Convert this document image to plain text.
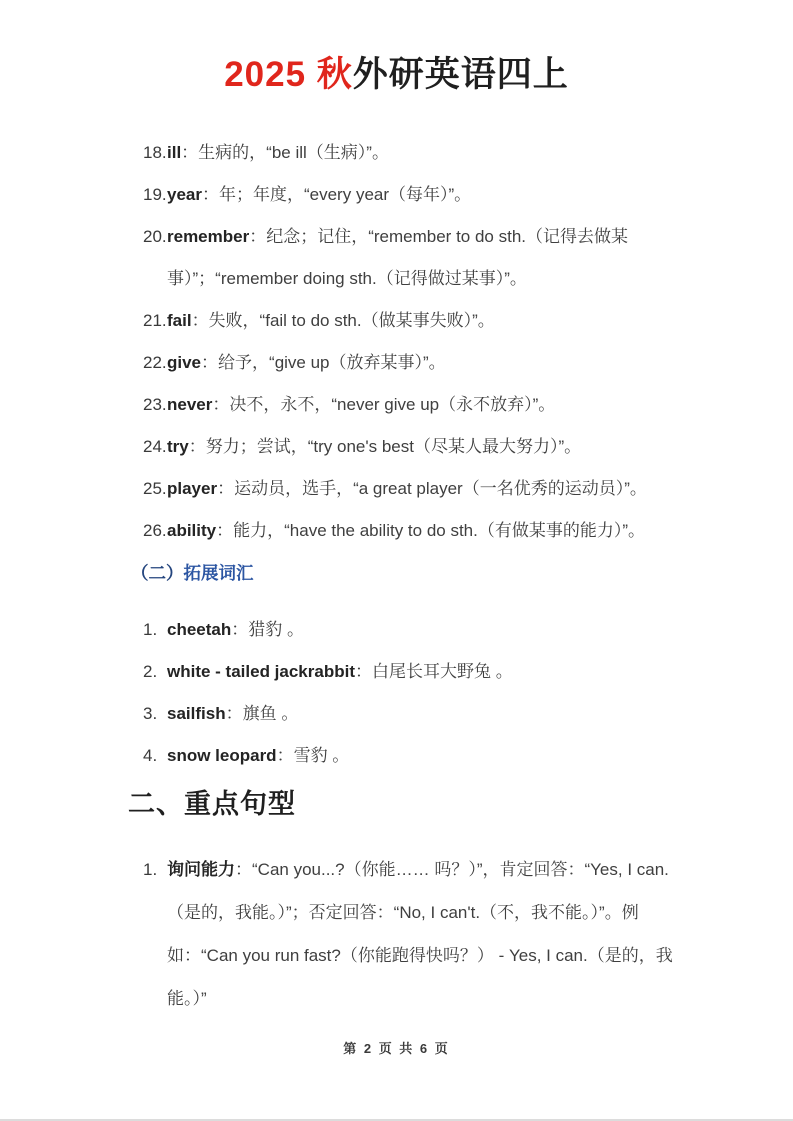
2025 秋外研英语四上
18.ill：生病的，“be ill（生病）”。
19.year：年；年度，“every year（每年）”。
20.remember：纪念；记住，“remember to do sth.（记得去做某事）”；“remember doing sth.（记得做过某事）”。
21.fail：失败，“fail to do sth.（做某事失败）”。
22.give：给予，“give up（放弃某事）”。
23.never：决不，永不，“never give up（永不放弃）”。
24.try：努力；尝试，“try one's best（尽某人最大努力）”。
25.player：运动员，选手，“a great player（一名优秀的运动员）”。
26.ability：能力，“have the ability to do sth.（有做某事的能力）”。
（二）拓展词汇
1. cheetah：猎豹 。
2. white - tailed jackrabbit：白尾长耳大野兔 。
3. sailfish：旗鱼 。
4. snow leopard：雪豹 。
二、重点句型
1. 询问能力：“Can you...?（你能…… 吗？）”，肯定回答：“Yes, I can.（是的，我能。）”；否定回答：“No, I can't.（不，我不能。）”。例如：“Can you run fast?（你能跑得快吗？） - Yes, I can.（是的，我能。）”
第 2 页 共 6 页
